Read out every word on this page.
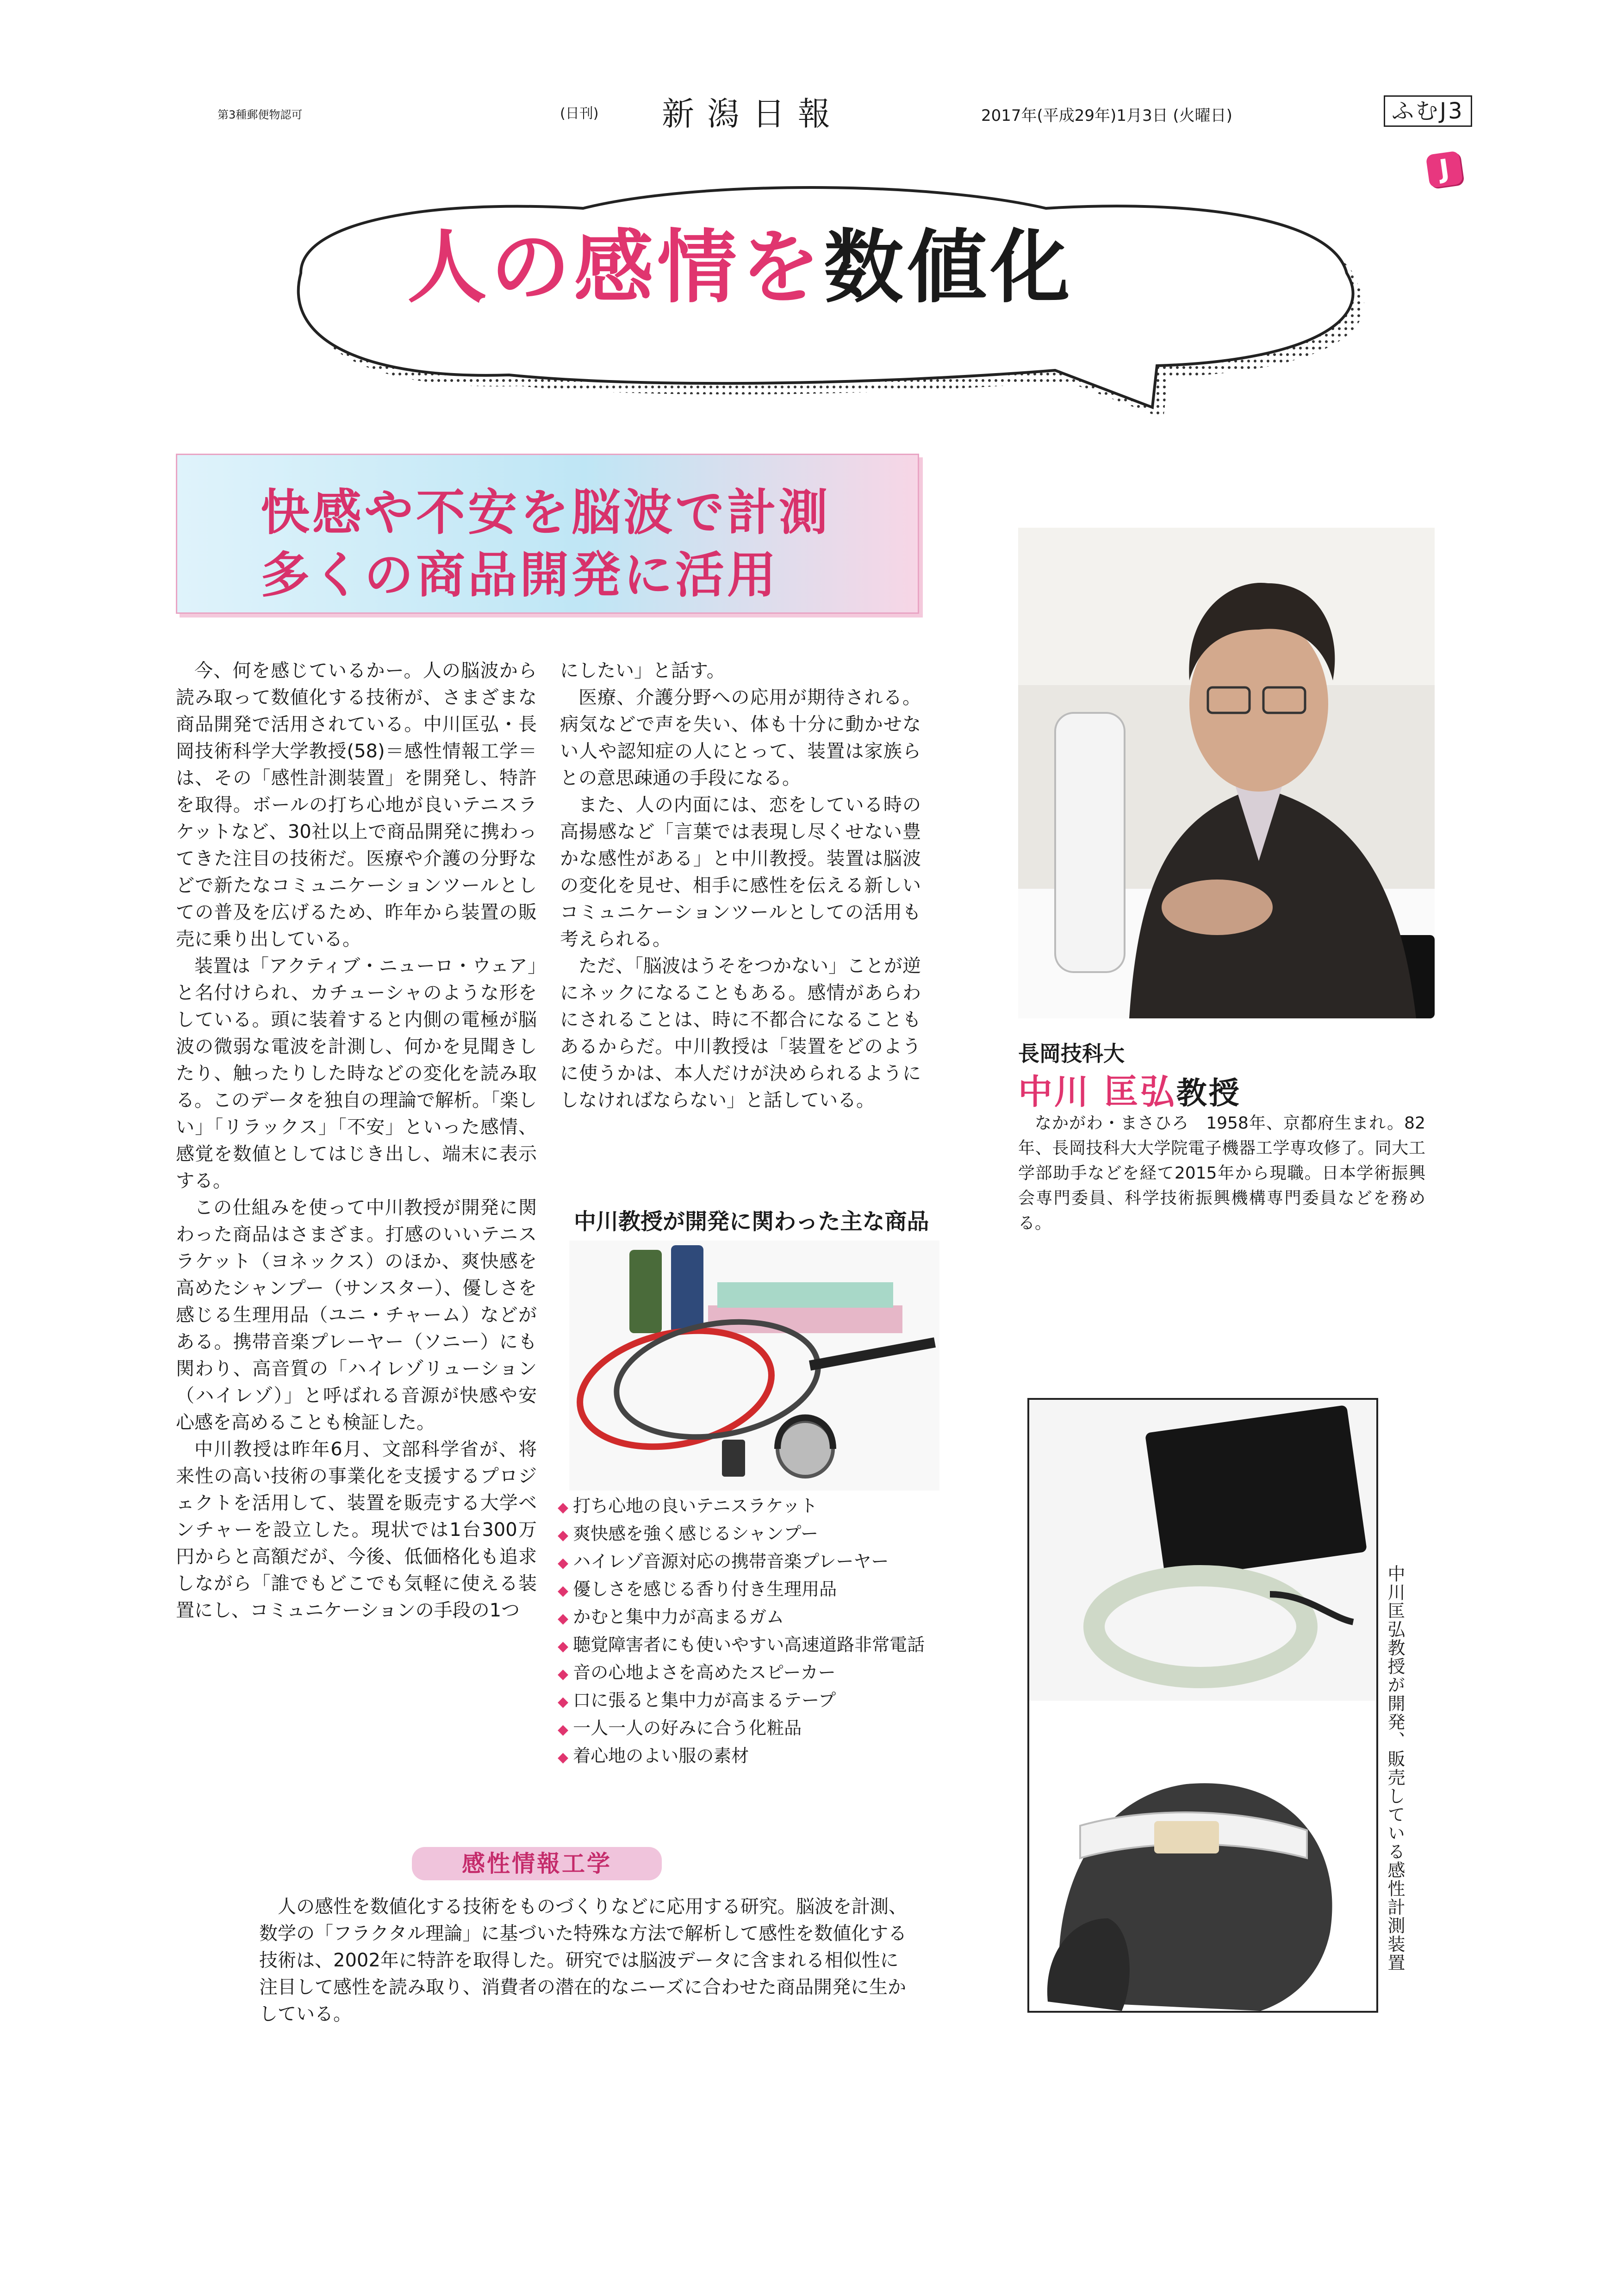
第3種郵便物認可	(日刊) 新潟日報	2017年(平成29年)1月3日 (火曜日)	ふむJ3
J
人の感情を数値化
快感や不安を脳波で計測
多くの商品開発に活用
長岡技科大
中川 匡弘教授

なかがわ・まさひろ　1958年、京都府生まれ。82年、長岡技科大大学院電子機器工学専攻修了。同大工学部助手などを経て2015年から現職。日本学術振興会専門委員、科学技術振興機構専門委員などを務める。

今、何を感じているかー。人の脳波から読み取って数値化する技術が、さまざまな商品開発で活用されている。中川匡弘・長岡技術科学大学教授(58)＝感性情報工学＝は、その「感性計測装置」を開発し、特許を取得。ボールの打ち心地が良いテニスラケットなど、30社以上で商品開発に携わってきた注目の技術だ。医療や介護の分野などで新たなコミュニケーションツールとしての普及を広げるため、昨年から装置の販売に乗り出している。

装置は「アクティブ・ニューロ・ウェア」と名付けられ、カチューシャのような形をしている。頭に装着すると内側の電極が脳波の微弱な電波を計測し、何かを見聞きしたり、触ったりした時などの変化を読み取る。このデータを独自の理論で解析。「楽しい」「リラックス」「不安」といった感情、感覚を数値としてはじき出し、端末に表示する。

この仕組みを使って中川教授が開発に関わった商品はさまざま。打感のいいテニスラケット（ヨネックス）のほか、爽快感を高めたシャンプー（サンスター）、優しさを感じる生理用品（ユニ・チャーム）などがある。携帯音楽プレーヤー（ソニー）にも関わり、高音質の「ハイレゾリューション（ハイレゾ）」と呼ばれる音源が快感や安心感を高めることも検証した。

中川教授は昨年6月、文部科学省が、将来性の高い技術の事業化を支援するプロジェクトを活用して、装置を販売する大学ベンチャーを設立した。現状では1台300万円からと高額だが、今後、低価格化も追求しながら「誰でもどこでも気軽に使える装置にし、コミュニケーションの手段の1つ

にしたい」と話す。

医療、介護分野への応用が期待される。病気などで声を失い、体も十分に動かせない人や認知症の人にとって、装置は家族らとの意思疎通の手段になる。

また、人の内面には、恋をしている時の高揚感など「言葉では表現し尽くせない豊かな感性がある」と中川教授。装置は脳波の変化を見せ、相手に感性を伝える新しいコミュニケーションツールとしての活用も考えられる。

ただ、「脳波はうそをつかない」ことが逆にネックになることもある。感情があらわにされることは、時に不都合になることもあるからだ。中川教授は「装置をどのように使うかは、本人だけが決められるようにしなければならない」と話している。

中川教授が開発に関わった主な商品
◆ 打ち心地の良いテニスラケット
◆ 爽快感を強く感じるシャンプー
◆ ハイレゾ音源対応の携帯音楽プレーヤー
◆ 優しさを感じる香り付き生理用品
◆ かむと集中力が高まるガム
◆ 聴覚障害者にも使いやすい高速道路非常電話
◆ 音の心地よさを高めたスピーカー
◆ 口に張ると集中力が高まるテープ
◆ 一人一人の好みに合う化粧品
◆ 着心地のよい服の素材	中川匡弘教授が開発、販売している感性計測装置
感性情報工学

人の感性を数値化する技術をものづくりなどに応用する研究。脳波を計測、数学の「フラクタル理論」に基づいた特殊な方法で解析して感性を数値化する技術は、2002年に特許を取得した。研究では脳波データに含まれる相似性に注目して感性を読み取り、消費者の潜在的なニーズに合わせた商品開発に生かしている。
